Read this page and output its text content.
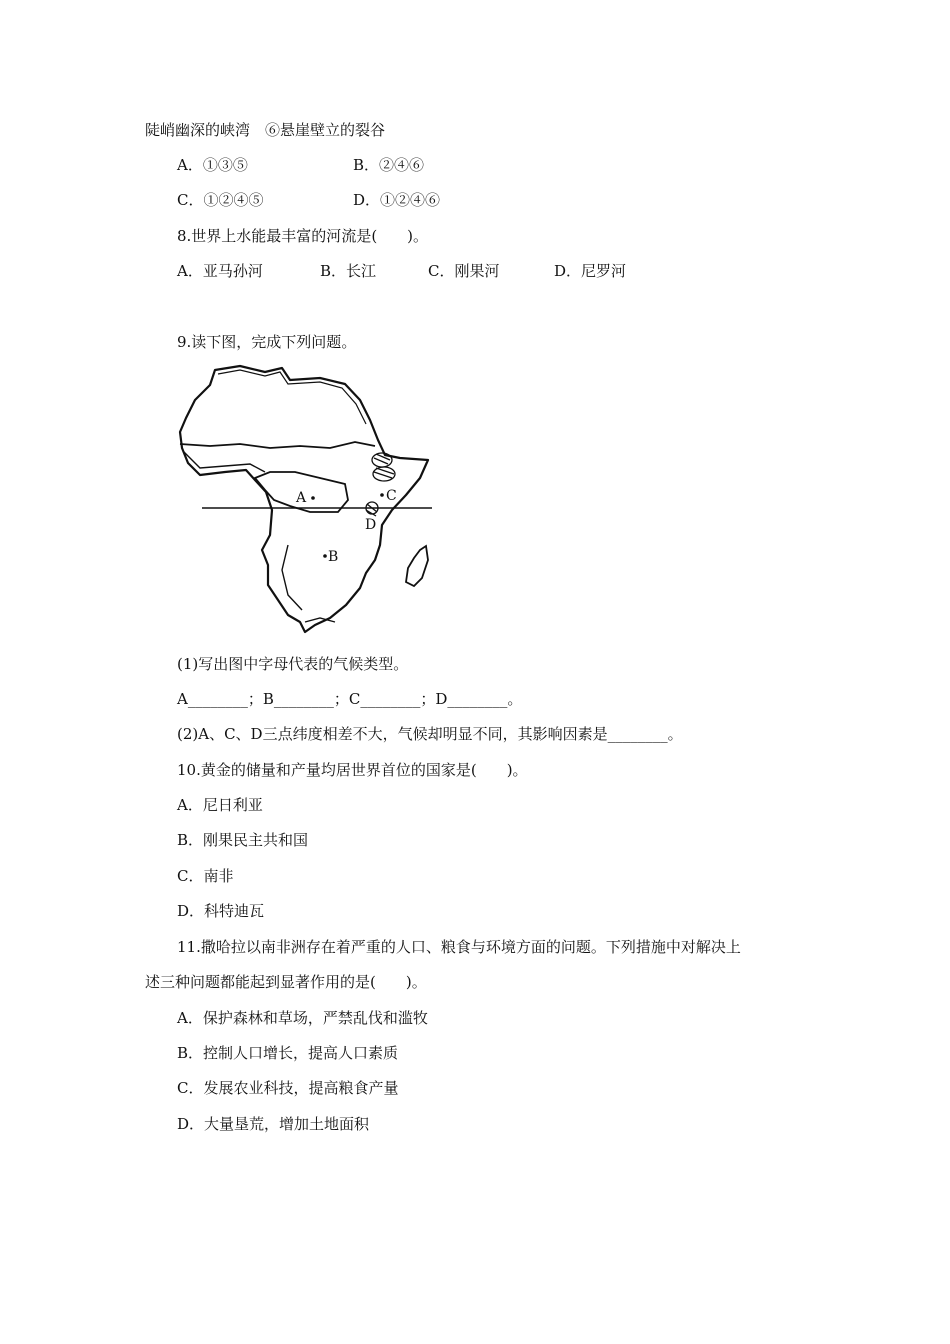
陡峭幽深的峡湾　⑥悬崖壁立的裂谷
A．①③⑤	B．②④⑥
C．①②④⑤	D．①②④⑥
8.世界上水能最丰富的河流是(　　)。
A．亚马孙河	B．长江	C．刚果河	D．尼罗河
9.读下图，完成下列问题。
A
B
C
D
(1)写出图中字母代表的气候类型。
A________；B________；C________；D________。
(2)A、C、D三点纬度相差不大，气候却明显不同，其影响因素是________。
10.黄金的储量和产量均居世界首位的国家是(　　)。
A．尼日利亚
B．刚果民主共和国
C．南非
D．科特迪瓦
11.撒哈拉以南非洲存在着严重的人口、粮食与环境方面的问题。下列措施中对解决上
述三种问题都能起到显著作用的是(　　)。
A．保护森林和草场，严禁乱伐和滥牧
B．控制人口增长，提高人口素质
C．发展农业科技，提高粮食产量
D．大量垦荒，增加土地面积
